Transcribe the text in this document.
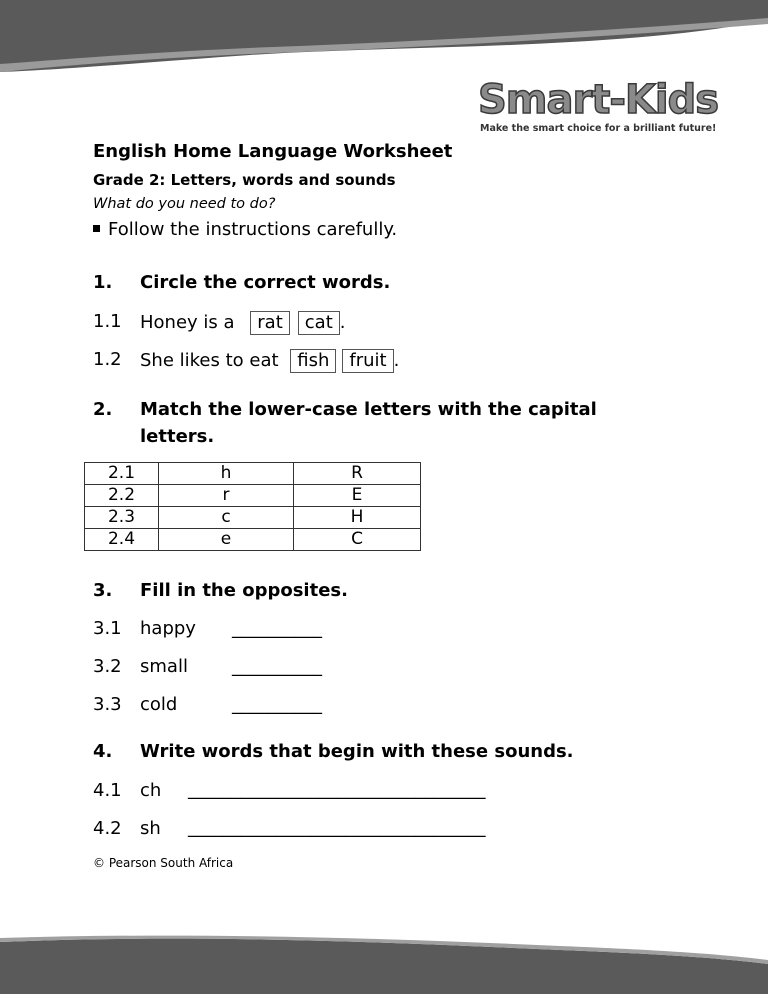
Smart-Kids
Make the smart choice for a brilliant future!
English Home Language Worksheet
Grade 2: Letters, words and sounds
What do you need to do?
Follow the instructions carefully.
1. Circle the correct words.
1.1 Honey is a rat cat .
1.2 She likes to eat fish fruit .
2. Match the lower-case letters with the capital
letters.
2.1	h	R
2.2	r	E
2.3	c	H
2.4	e	C
3. Fill in the opposites.
3.1 happy __________
3.2 small __________
3.3 cold	__________
4. Write words that begin with these sounds.
4.1 ch __________________________________
4.2 sh __________________________________
© Pearson South Africa
